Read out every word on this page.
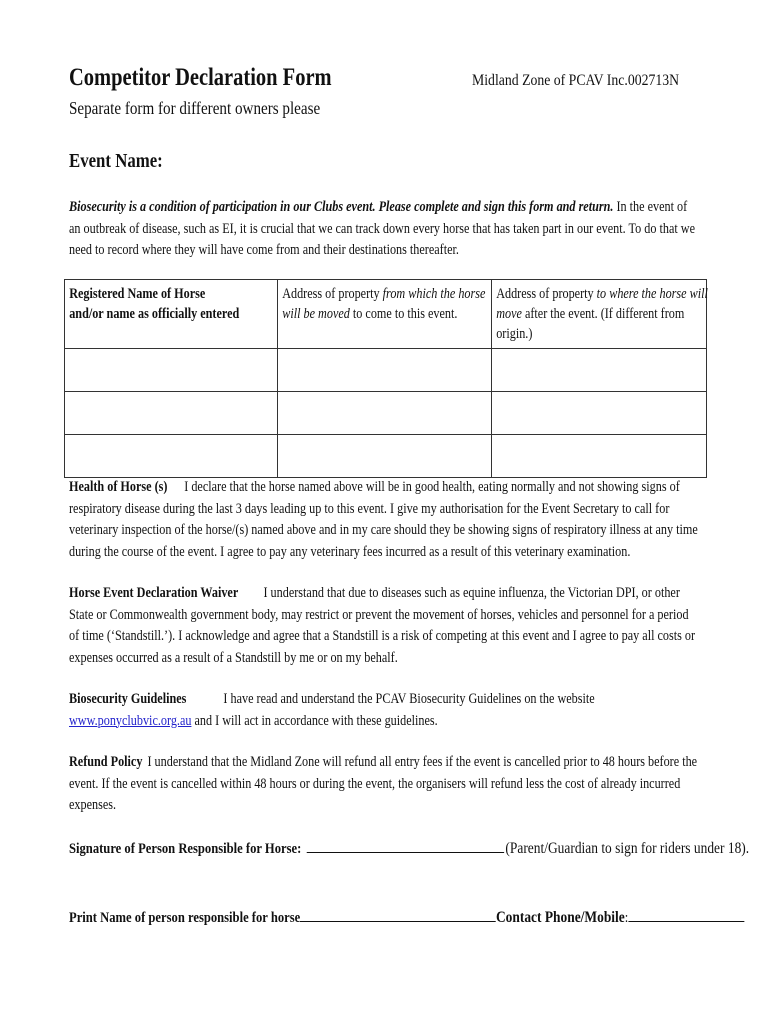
Competitor Declaration Form	Midland Zone of PCAV Inc.002713N
Separate form for different owners please
Event Name:
Biosecurity is a condition of participation in our Clubs event. Please complete and sign this form and return. In the event of an outbreak of disease, such as EI, it is crucial that we can track down every horse that has taken part in our event. To do that we need to record where they will have come from and their destinations thereafter.
Registered Name of Horse
and/or name as officially entered	Address of property from which the horse will be moved to come to this event.	Address of property to where the horse will move after the event. (If different from origin.)

Health of Horse (s) I declare that the horse named above will be in good health, eating normally and not showing signs of respiratory disease during the last 3 days leading up to this event. I give my authorisation for the Event Secretary to call for veterinary inspection of the horse/(s) named above and in my care should they be showing signs of respiratory illness at any time during the course of the event. I agree to pay any veterinary fees incurred as a result of this veterinary examination.
Horse Event Declaration Waiver I understand that due to diseases such as equine influenza, the Victorian DPI, or other State or Commonwealth government body, may restrict or prevent the movement of horses, vehicles and personnel for a period of time (‘Standstill.’). I acknowledge and agree that a Standstill is a risk of competing at this event and I agree to pay all costs or expenses occurred as a result of a Standstill by me or on my behalf.
Biosecurity Guidelines	I have read and understand the PCAV Biosecurity Guidelines on the website www.ponyclubvic.org.au and I will act in accordance with these guidelines.
Refund Policy I understand that the Midland Zone will refund all entry fees if the event is cancelled prior to 48 hours before the event. If the event is cancelled within 48 hours or during the event, the organisers will refund less the cost of already incurred expenses.
Signature of Person Responsible for Horse:	(Parent/Guardian to sign for riders under 18).
Print Name of person responsible for horse	Contact Phone/Mobile:
